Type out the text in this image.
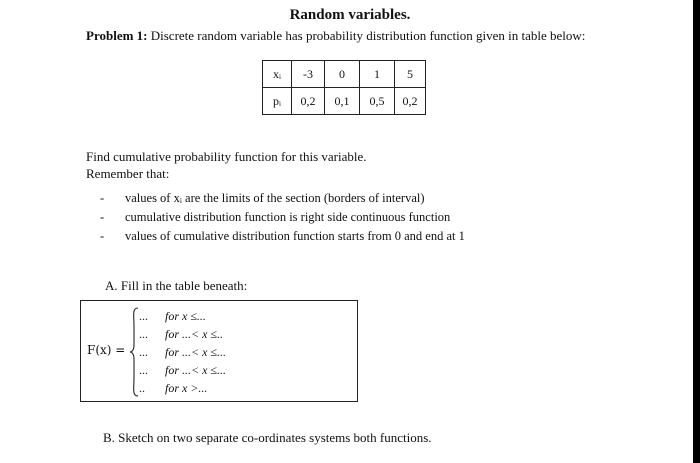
Random variables.
Problem 1: Discrete random variable has probability distribution function given in table below:
xᵢ	-3	0	1	5
pᵢ	0,2	0,1	0,5	0,2
Find cumulative probability function for this variable.
Remember that:
- values of xᵢ are the limits of the section (borders of interval)
- cumulative distribution function is right side continuous function
- values of cumulative distribution function starts from 0 and end at 1
A. Fill in the table beneath:
F(x) =
... for x ≤...
... for ...< x ≤..
... for ...< x ≤...
... for ...< x ≤...
.. for x >...
B. Sketch on two separate co-ordinates systems both functions.
